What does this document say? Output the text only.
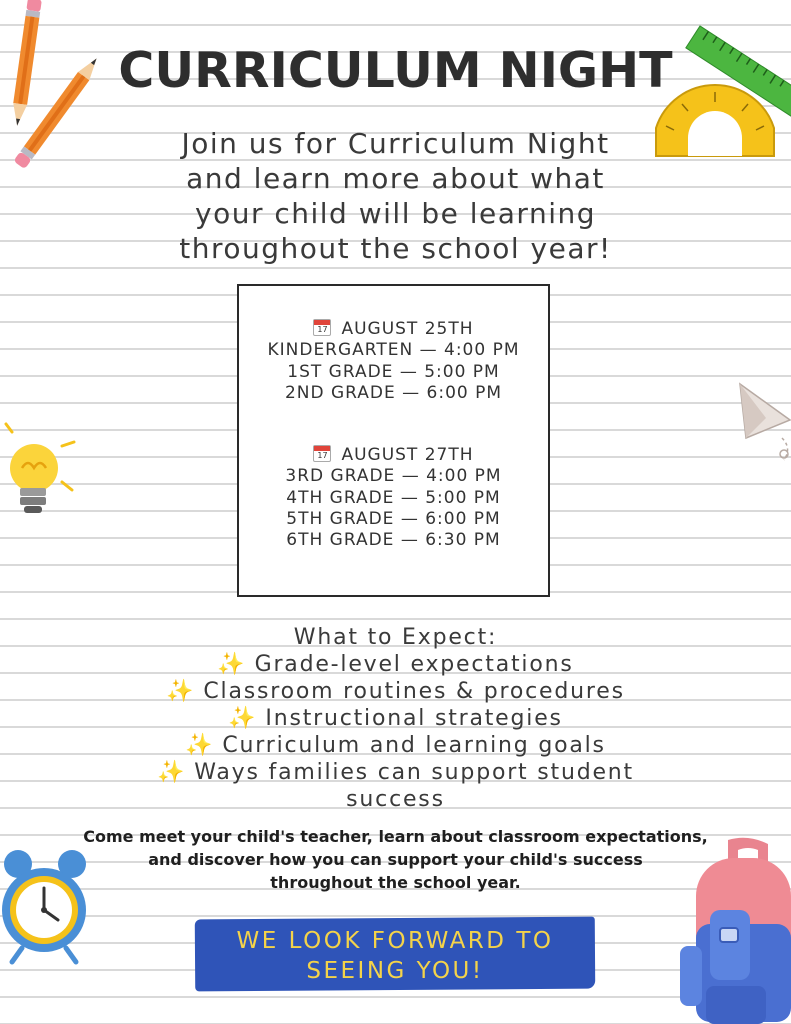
CURRICULUM NIGHT
Join us for Curriculum Night
and learn more about what
your child will be learning
throughout the school year!
17 AUGUST 25TH
KINDERGARTEN — 4:00 PM
1ST GRADE — 5:00 PM
2ND GRADE — 6:00 PM
17 AUGUST 27TH
3RD GRADE — 4:00 PM
4TH GRADE — 5:00 PM
5TH GRADE — 6:00 PM
6TH GRADE — 6:30 PM
What to Expect:
✨ Grade-level expectations
✨ Classroom routines & procedures
✨ Instructional strategies
✨ Curriculum and learning goals
✨ Ways families can support student success
Come meet your child's teacher, learn about classroom expectations,
and discover how you can support your child's success
throughout the school year.
WE LOOK FORWARD TO
SEEING YOU!
